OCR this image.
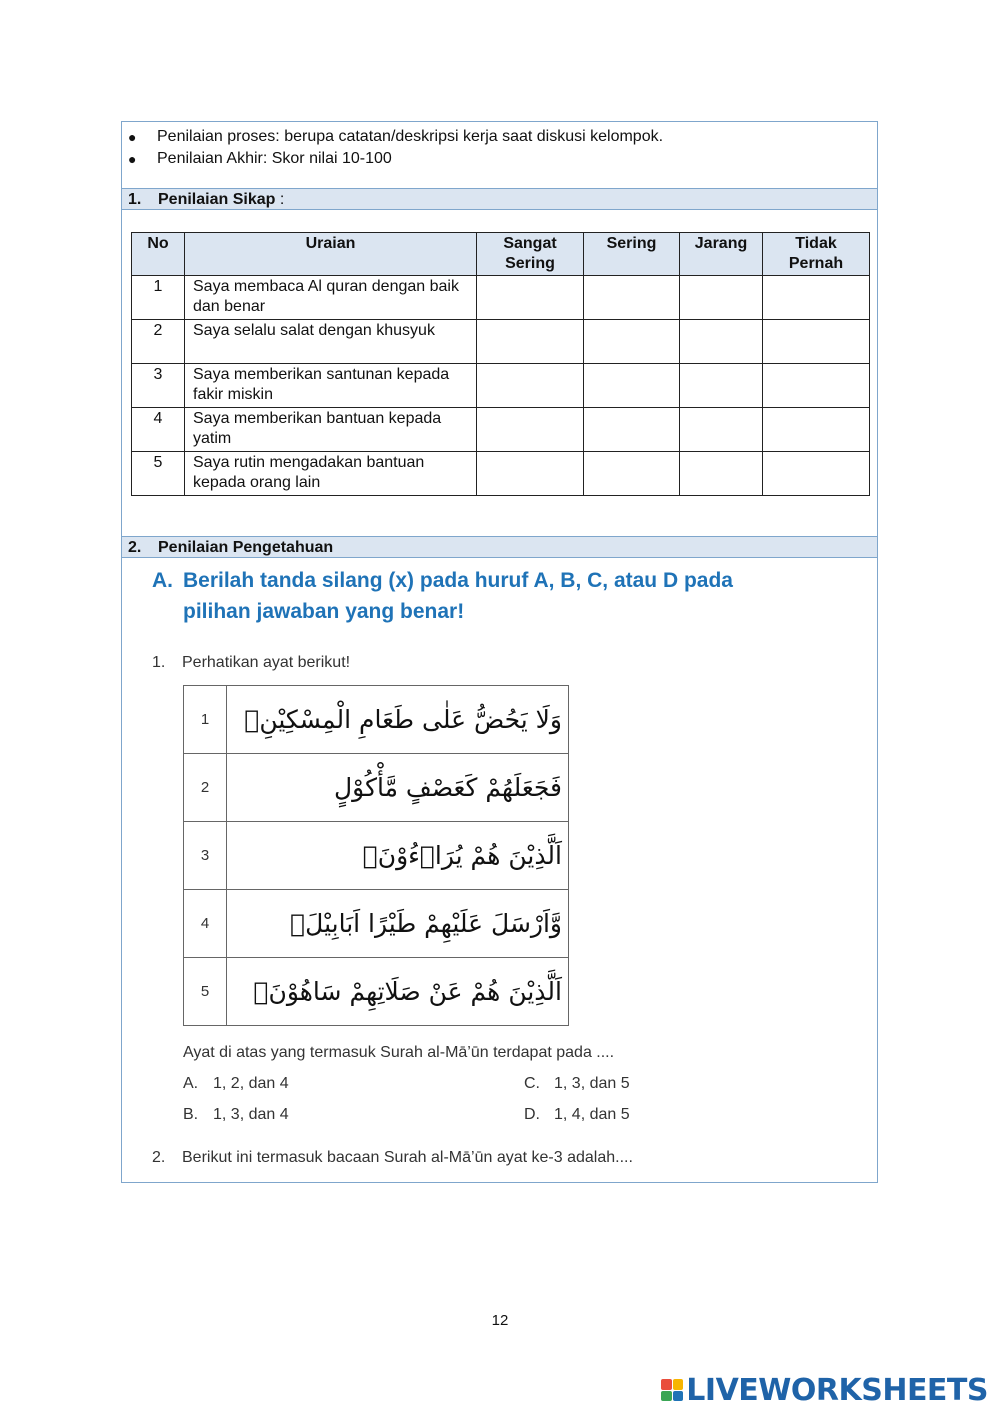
● Penilaian proses: berupa catatan/deskripsi kerja saat diskusi kelompok.
● Penilaian Akhir: Skor nilai 10-100
1. Penilaian Sikap :
No	Uraian	Sangat Sering	Sering	Jarang	Tidak Pernah
1	Saya membaca Al quran dengan baik dan benar				
2	Saya selalu salat dengan khusyuk				
3	Saya memberikan santunan kepada fakir miskin				
4	Saya memberikan bantuan kepada yatim				
5	Saya rutin mengadakan bantuan kepada orang lain				
2. Penilaian Pengetahuan
A. Berilah tanda silang (x) pada huruf A, B, C, atau D pada
pilihan jawaban yang benar!
1. Perhatikan ayat berikut!
1	وَلَا يَحُضُّ عَلٰى طَعَامِ الْمِسْكِيْنِۗ
2	فَجَعَلَهُمْ كَعَصْفٍ مَّأْكُوْلٍ
3	اَلَّذِيْنَ هُمْ يُرَاۤءُوْنَۙ
4	وَّاَرْسَلَ عَلَيْهِمْ طَيْرًا اَبَابِيْلَۙ
5	اَلَّذِيْنَ هُمْ عَنْ صَلَاتِهِمْ سَاهُوْنَۙ
Ayat di atas yang termasuk Surah al-Mā’ūn terdapat pada ....
A. 1, 2, dan 4
B. 1, 3, dan 4
C. 1, 3, dan 5
D. 1, 4, dan 5
2. Berikut ini termasuk bacaan Surah al-Mā’ūn ayat ke-3 adalah....
12
LIVEWORKSHEETS
